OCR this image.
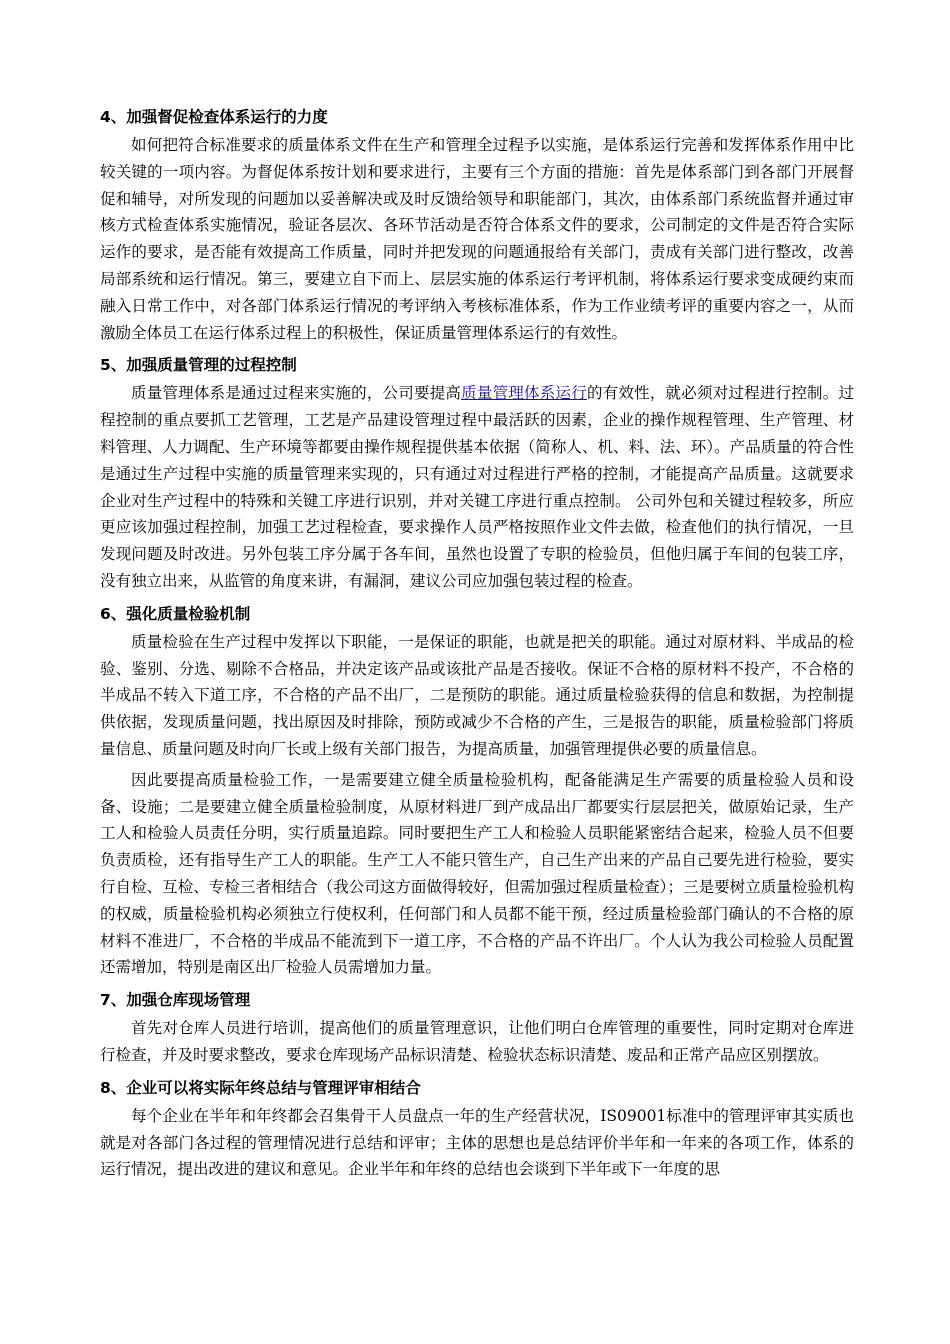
4、加强督促检查体系运行的力度

如何把符合标准要求的质量体系文件在生产和管理全过程予以实施，是体系运行完善和发挥体系作用中比较关键的一项内容。为督促体系按计划和要求进行，主要有三个方面的措施：首先是体系部门到各部门开展督促和辅导，对所发现的问题加以妥善解决或及时反馈给领导和职能部门，其次，由体系部门系统监督并通过审核方式检查体系实施情况，验证各层次、各环节活动是否符合体系文件的要求，公司制定的文件是否符合实际运作的要求，是否能有效提高工作质量，同时并把发现的问题通报给有关部门，责成有关部门进行整改，改善局部系统和运行情况。第三，要建立自下而上、层层实施的体系运行考评机制，将体系运行要求变成硬约束而融入日常工作中，对各部门体系运行情况的考评纳入考核标准体系，作为工作业绩考评的重要内容之一，从而激励全体员工在运行体系过程上的积极性，保证质量管理体系运行的有效性。

5、加强质量管理的过程控制

质量管理体系是通过过程来实施的，公司要提高质量管理体系运行的有效性，就必须对过程进行控制。过程控制的重点要抓工艺管理，工艺是产品建设管理过程中最活跃的因素，企业的操作规程管理、生产管理、材料管理、人力调配、生产环境等都要由操作规程提供基本依据（简称人、机、料、法、环）。产品质量的符合性是通过生产过程中实施的质量管理来实现的，只有通过对过程进行严格的控制，才能提高产品质量。这就要求企业对生产过程中的特殊和关键工序进行识别，并对关键工序进行重点控制。 公司外包和关键过程较多，所应更应该加强过程控制，加强工艺过程检查，要求操作人员严格按照作业文件去做，检查他们的执行情况，一旦发现问题及时改进。另外包装工序分属于各车间，虽然也设置了专职的检验员，但他归属于车间的包装工序，没有独立出来，从监管的角度来讲，有漏洞，建议公司应加强包装过程的检查。

6、强化质量检验机制

质量检验在生产过程中发挥以下职能，一是保证的职能，也就是把关的职能。通过对原材料、半成品的检验、鉴别、分选、剔除不合格品，并决定该产品或该批产品是否接收。保证不合格的原材料不投产，不合格的半成品不转入下道工序，不合格的产品不出厂，二是预防的职能。通过质量检验获得的信息和数据，为控制提供依据，发现质量问题，找出原因及时排除，预防或减少不合格的产生，三是报告的职能，质量检验部门将质量信息、质量问题及时向厂长或上级有关部门报告，为提高质量，加强管理提供必要的质量信息。

因此要提高质量检验工作，一是需要建立健全质量检验机构，配备能满足生产需要的质量检验人员和设备、设施；二是要建立健全质量检验制度，从原材料进厂到产成品出厂都要实行层层把关，做原始记录，生产工人和检验人员责任分明，实行质量追踪。同时要把生产工人和检验人员职能紧密结合起来，检验人员不但要负责质检，还有指导生产工人的职能。生产工人不能只管生产，自己生产出来的产品自己要先进行检验，要实行自检、互检、专检三者相结合（我公司这方面做得较好，但需加强过程质量检查）；三是要树立质量检验机构的权威，质量检验机构必须独立行使权利，任何部门和人员都不能干预，经过质量检验部门确认的不合格的原材料不准进厂，不合格的半成品不能流到下一道工序，不合格的产品不许出厂。个人认为我公司检验人员配置还需增加，特别是南区出厂检验人员需增加力量。

7、加强仓库现场管理

首先对仓库人员进行培训，提高他们的质量管理意识，让他们明白仓库管理的重要性，同时定期对仓库进行检查，并及时要求整改，要求仓库现场产品标识清楚、检验状态标识清楚、废品和正常产品应区别摆放。

8、企业可以将实际年终总结与管理评审相结合

每个企业在半年和年终都会召集骨干人员盘点一年的生产经营状况，IS09001标准中的管理评审其实质也就是对各部门各过程的管理情况进行总结和评审；主体的思想也是总结评价半年和一年来的各项工作，体系的运行情况，提出改进的建议和意见。企业半年和年终的总结也会谈到下半年或下一年度的思
